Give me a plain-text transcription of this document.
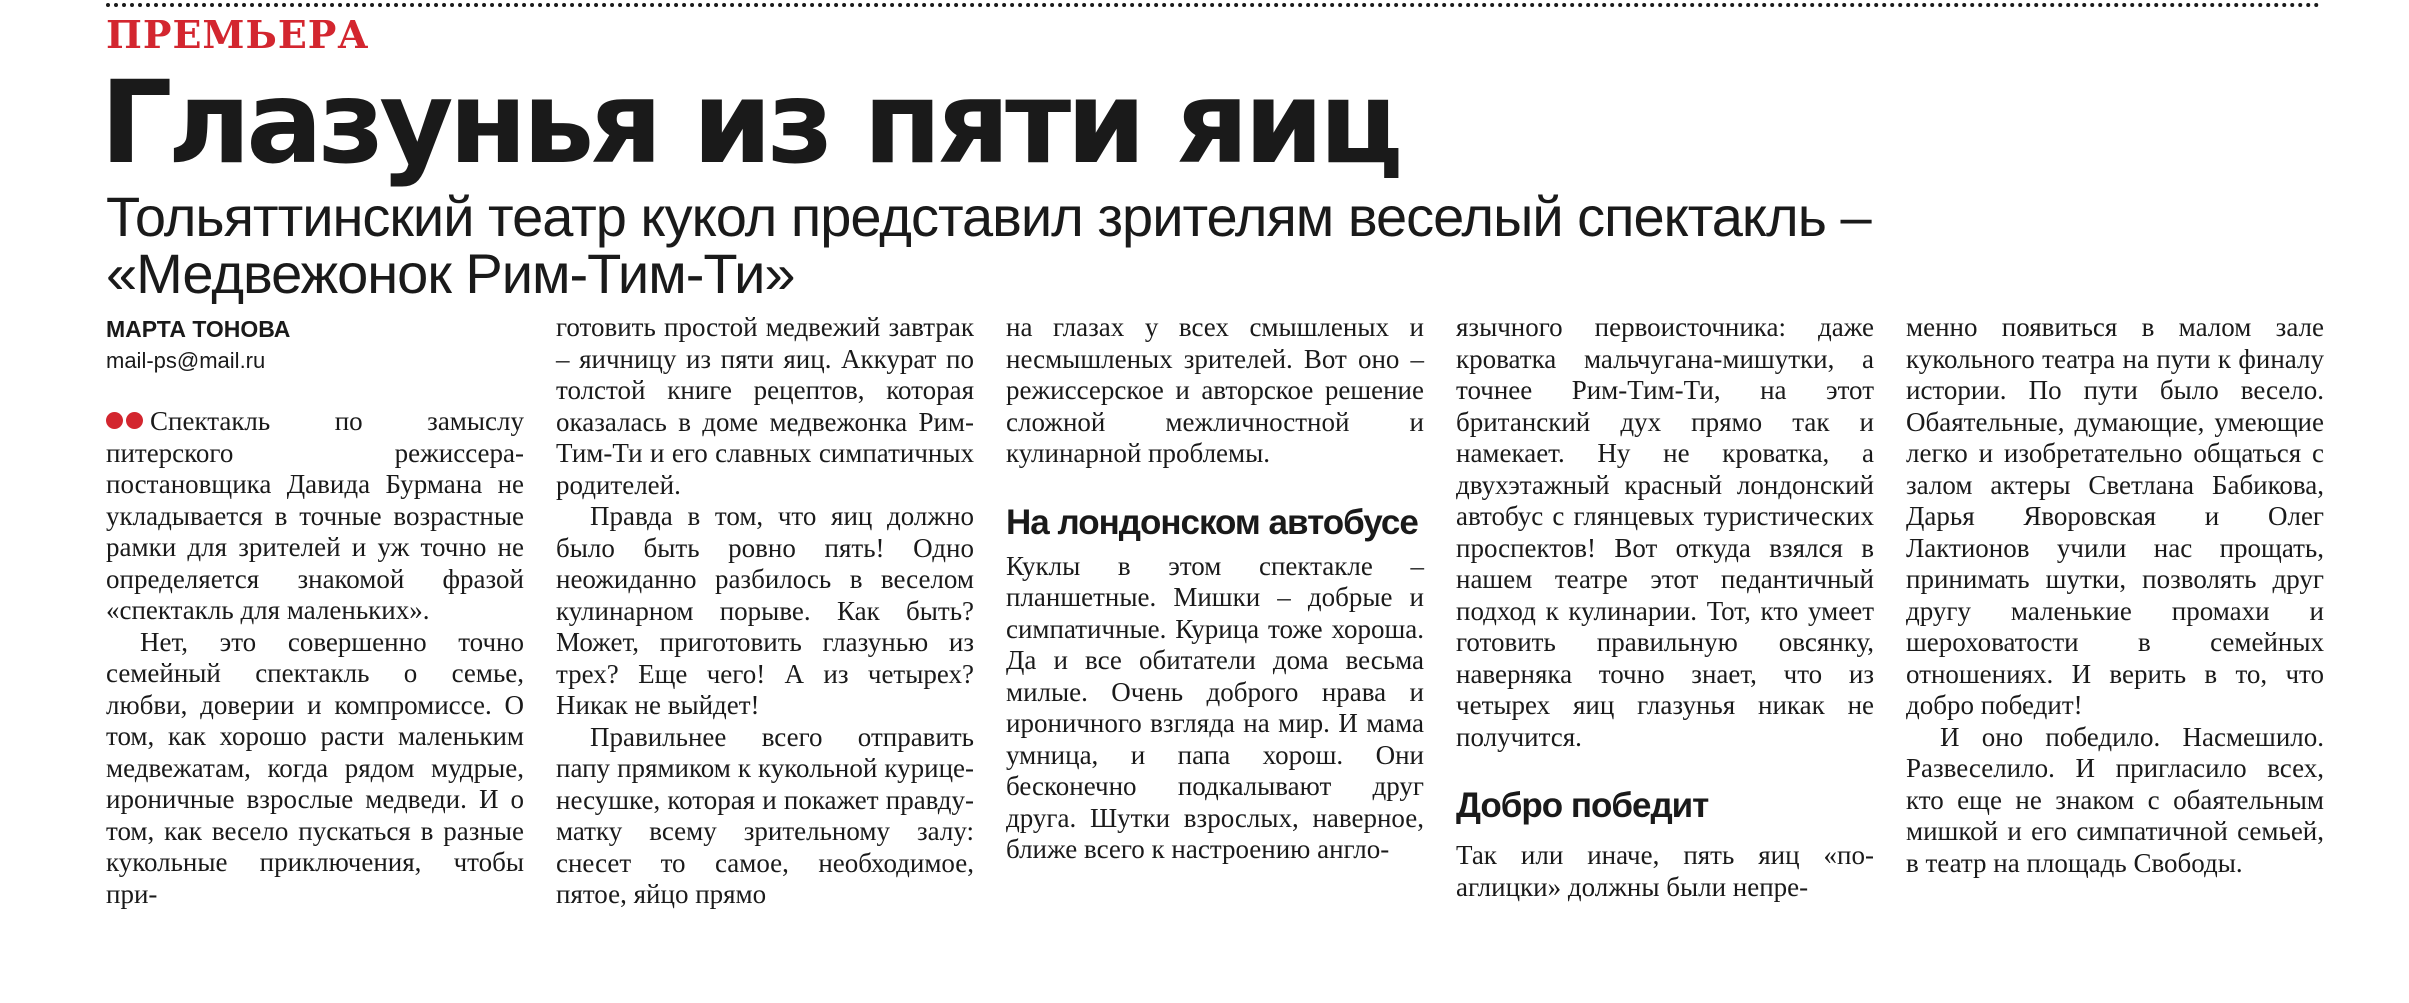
ПРЕМЬЕРА
Глазунья из пяти яиц
Тольяттинский театр кукол представил зрителям веселый спектакль – «Медвежонок Рим-Тим-Ти»
МАРТА ТОНОВА
mail-ps@mail.ru

Спектакль по замыслу питерского режиссера-постановщика Давида Бурмана не укладывается в точные возрастные рамки для зрителей и уж точно не определяется знакомой фразой «спектакль для маленьких».

Нет, это совершенно точно семейный спектакль о семье, любви, доверии и компромиссе. О том, как хорошо расти маленьким медвежатам, когда рядом мудрые, ироничные взрослые медведи. И о том, как весело пускаться в разные кукольные приключения, чтобы при-

готовить простой медвежий завтрак – яичницу из пяти яиц. Аккурат по толстой книге рецептов, которая оказалась в доме медвежонка Рим-Тим-Ти и его славных симпатичных родителей.

Правда в том, что яиц должно было быть ровно пять! Одно неожиданно разбилось в веселом кулинарном порыве. Как быть? Может, приготовить глазунью из трех? Еще чего! А из четырех? Никак не выйдет!

Правильнее всего отправить папу прямиком к кукольной курице-несушке, которая и покажет правду-матку всему зрительному залу: снесет то самое, необходимое, пятое, яйцо прямо

на глазах у всех смышленых и несмышленых зрителей. Вот оно – режиссерское и авторское решение сложной межличностной и кулинарной проблемы.

На лондонском автобусе

Куклы в этом спектакле – планшетные. Мишки – добрые и симпатичные. Курица тоже хороша. Да и все обитатели дома весьма милые. Очень доброго нрава и ироничного взгляда на мир. И мама умница, и папа хорош. Они бесконечно подкалывают друг друга. Шутки взрослых, наверное, ближе всего к настроению англо-

язычного первоисточника: даже кроватка мальчугана-мишутки, а точнее Рим-Тим-Ти, на этот британский дух прямо так и намекает. Ну не кроватка, а двухэтажный красный лондонский автобус с глянцевых туристических проспектов! Вот откуда взялся в нашем театре этот педантичный подход к кулинарии. Тот, кто умеет готовить правильную овсянку, наверняка точно знает, что из четырех яиц глазунья никак не получится.

Добро победит

Так или иначе, пять яиц «по-аглицки» должны были непре-

менно появиться в малом зале кукольного театра на пути к финалу истории. По пути было весело. Обаятельные, думающие, умеющие легко и изобретательно общаться с залом актеры Светлана Бабикова, Дарья Яворовская и Олег Лактионов учили нас прощать, принимать шутки, позволять друг другу маленькие промахи и шероховатости в семейных отношениях. И верить в то, что добро победит!

И оно победило. Насмешило. Развеселило. И пригласило всех, кто еще не знаком с обаятельным мишкой и его симпатичной семьей, в театр на площадь Свободы.
